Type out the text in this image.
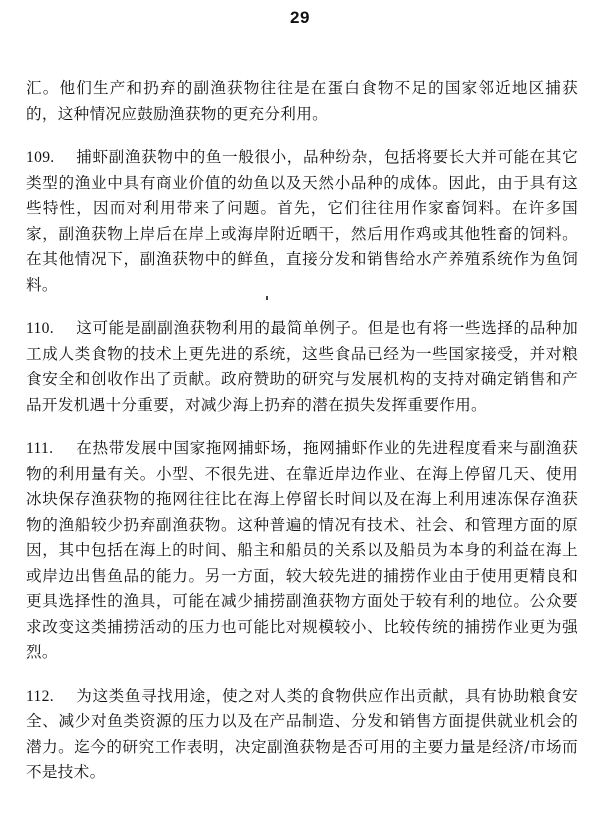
29

汇。他们生产和扔弃的副渔获物往往是在蛋白食物不足的国家邻近地区捕获的，这种情况应鼓励渔获物的更充分利用。

109. 捕虾副渔获物中的鱼一般很小，品种纷杂，包括将要长大并可能在其它类型的渔业中具有商业价值的幼鱼以及天然小品种的成体。因此，由于具有这些特性，因而对利用带来了问题。首先，它们往往用作家畜饲料。在许多国家，副渔获物上岸后在岸上或海岸附近晒干，然后用作鸡或其他牲畜的饲料。在其他情况下，副渔获物中的鲜鱼，直接分发和销售给水产养殖系统作为鱼饲料。

110. 这可能是副副渔获物利用的最简单例子。但是也有将一些选择的品种加工成人类食物的技术上更先进的系统，这些食品已经为一些国家接受，并对粮食安全和创收作出了贡献。政府赞助的研究与发展机构的支持对确定销售和产品开发机遇十分重要，对减少海上扔弃的潜在损失发挥重要作用。

111. 在热带发展中国家拖网捕虾场，拖网捕虾作业的先进程度看来与副渔获物的利用量有关。小型、不很先进、在靠近岸边作业、在海上停留几天、使用冰块保存渔获物的拖网往往比在海上停留长时间以及在海上利用速冻保存渔获物的渔船较少扔弃副渔获物。这种普遍的情况有技术、社会、和管理方面的原因，其中包括在海上的时间、船主和船员的关系以及船员为本身的利益在海上或岸边出售鱼品的能力。另一方面，较大较先进的捕捞作业由于使用更精良和更具选择性的渔具，可能在减少捕捞副渔获物方面处于较有利的地位。公众要求改变这类捕捞活动的压力也可能比对规模较小、比较传统的捕捞作业更为强烈。

112. 为这类鱼寻找用途，使之对人类的食物供应作出贡献，具有协助粮食安全、减少对鱼类资源的压力以及在产品制造、分发和销售方面提供就业机会的潜力。迄今的研究工作表明，决定副渔获物是否可用的主要力量是经济/市场而不是技术。
